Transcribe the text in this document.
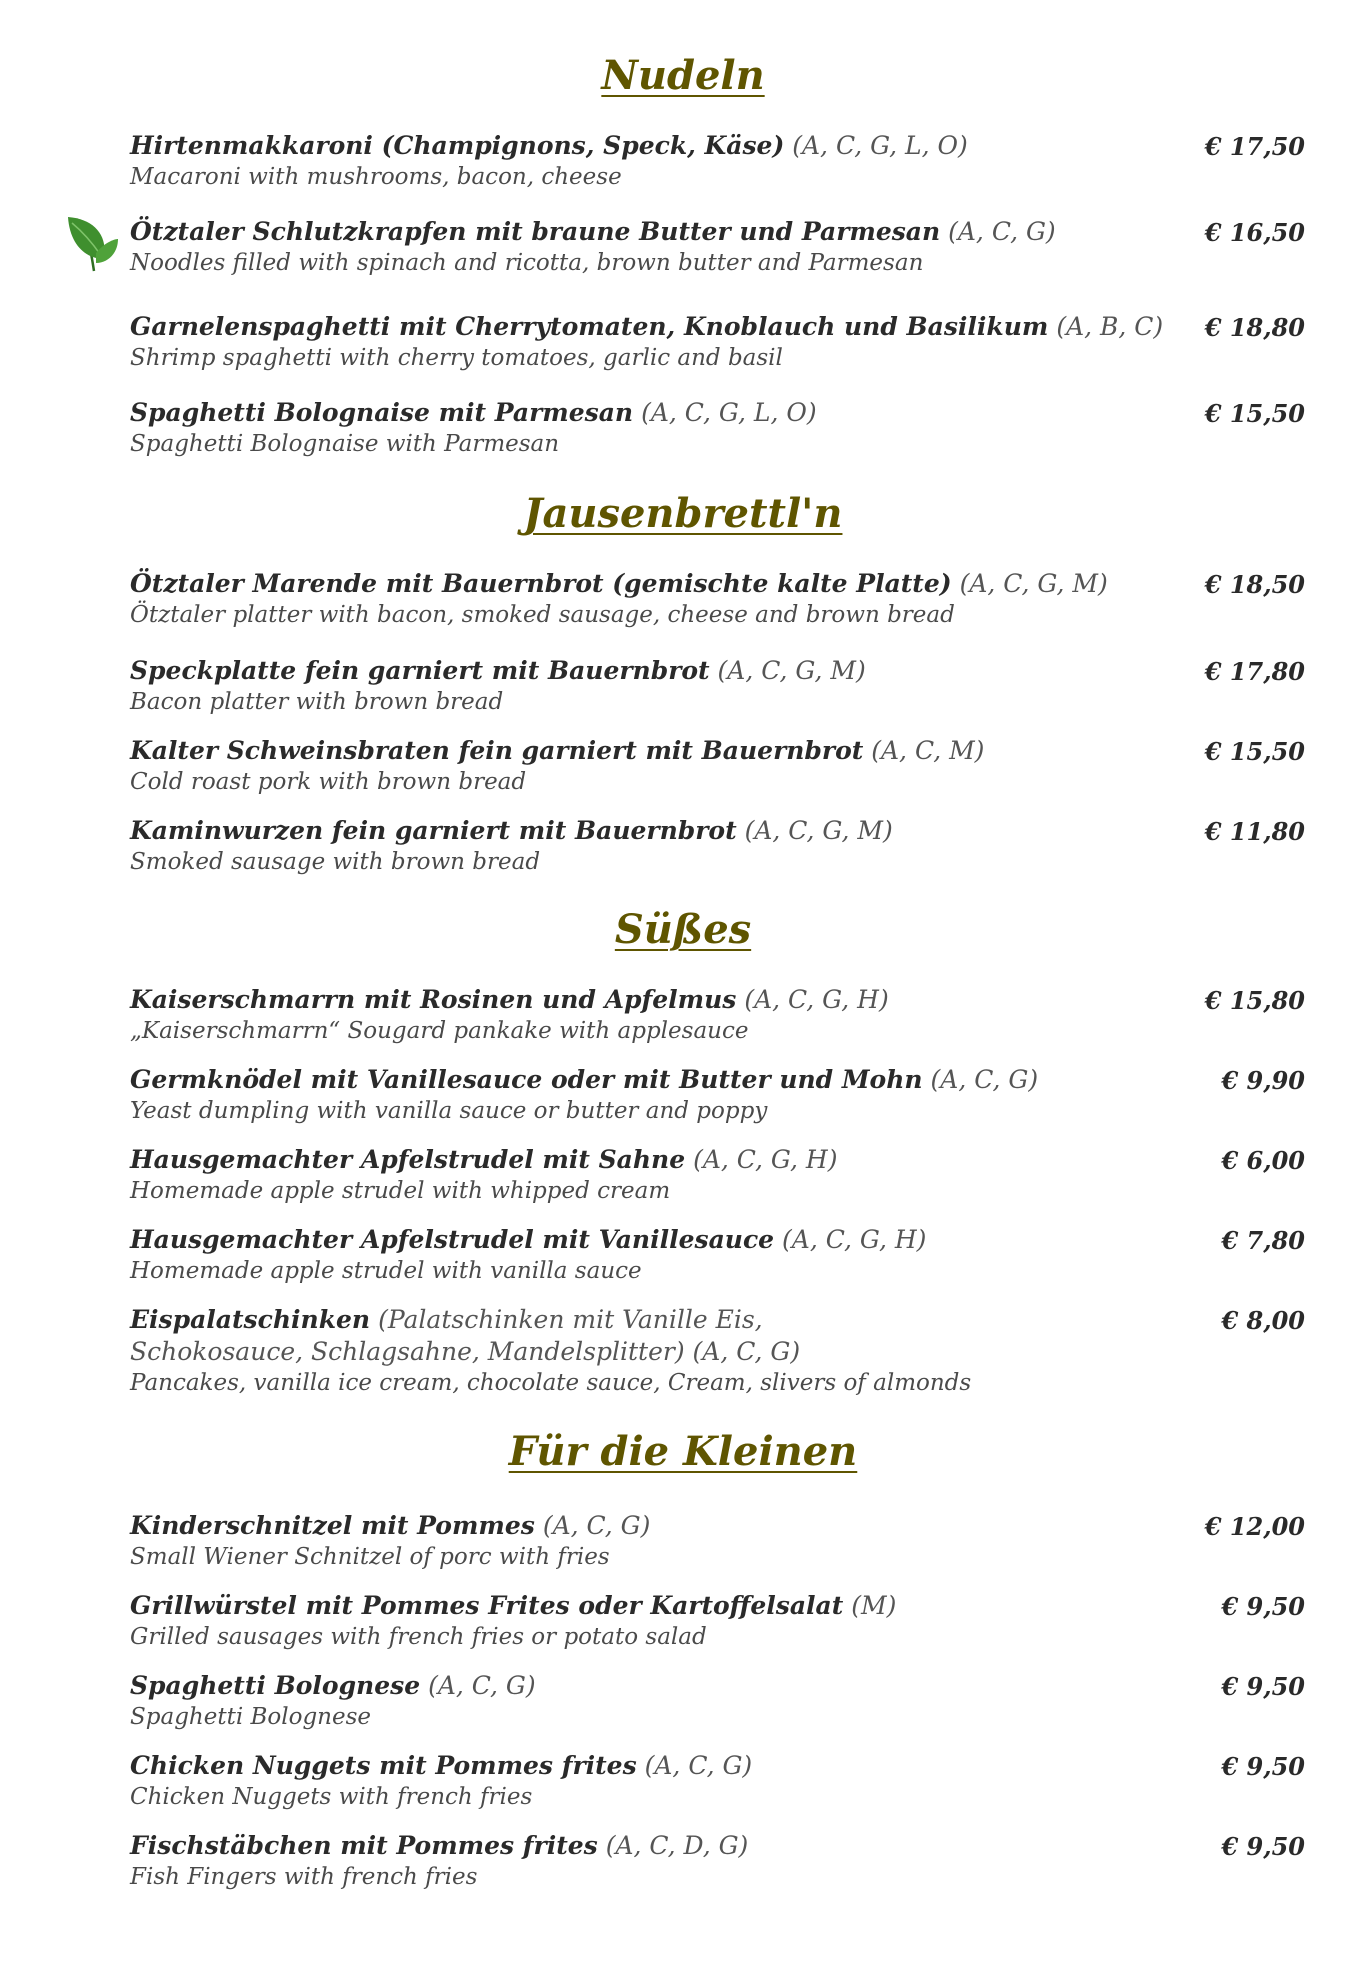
Nudeln
Hirtenmakkaroni (Champignons, Speck, Käse) (A, C, G, L, O)
Macaroni with mushrooms, bacon, cheese
€ 17,50
Ötztaler Schlutzkrapfen mit braune Butter und Parmesan (A, C, G)
Noodles filled with spinach and ricotta, brown butter and Parmesan
€ 16,50
Garnelenspaghetti mit Cherrytomaten, Knoblauch und Basilikum (A, B, C)
Shrimp spaghetti with cherry tomatoes, garlic and basil
€ 18,80
Spaghetti Bolognaise mit Parmesan (A, C, G, L, O)
Spaghetti Bolognaise with Parmesan
€ 15,50
Jausenbrettl'n
Ötztaler Marende mit Bauernbrot (gemischte kalte Platte) (A, C, G, M)
Ötztaler platter with bacon, smoked sausage, cheese and brown bread
€ 18,50
Speckplatte fein garniert mit Bauernbrot (A, C, G, M)
Bacon platter with brown bread
€ 17,80
Kalter Schweinsbraten fein garniert mit Bauernbrot (A, C, M)
Cold roast pork with brown bread
€ 15,50
Kaminwurzen fein garniert mit Bauernbrot (A, C, G, M)
Smoked sausage with brown bread
€ 11,80
Süßes
Kaiserschmarrn mit Rosinen und Apfelmus (A, C, G, H)
„Kaiserschmarrn“ Sougard pankake with applesauce
€ 15,80
Germknödel mit Vanillesauce oder mit Butter und Mohn (A, C, G)
Yeast dumpling with vanilla sauce or butter and poppy
€ 9,90
Hausgemachter Apfelstrudel mit Sahne (A, C, G, H)
Homemade apple strudel with whipped cream
€ 6,00
Hausgemachter Apfelstrudel mit Vanillesauce (A, C, G, H)
Homemade apple strudel with vanilla sauce
€ 7,80
Eispalatschinken (Palatschinken mit Vanille Eis, Schokosauce, Schlagsahne, Mandelsplitter) (A, C, G)
Pancakes, vanilla ice cream, chocolate sauce, Cream, slivers of almonds
€ 8,00
Für die Kleinen
Kinderschnitzel mit Pommes (A, C, G)
Small Wiener Schnitzel of porc with fries
€ 12,00
Grillwürstel mit Pommes Frites oder Kartoffelsalat (M)
Grilled sausages with french fries or potato salad
€ 9,50
Spaghetti Bolognese (A, C, G)
Spaghetti Bolognese
€ 9,50
Chicken Nuggets mit Pommes frites (A, C, G)
Chicken Nuggets with french fries
€ 9,50
Fischstäbchen mit Pommes frites (A, C, D, G)
Fish Fingers with french fries
€ 9,50
